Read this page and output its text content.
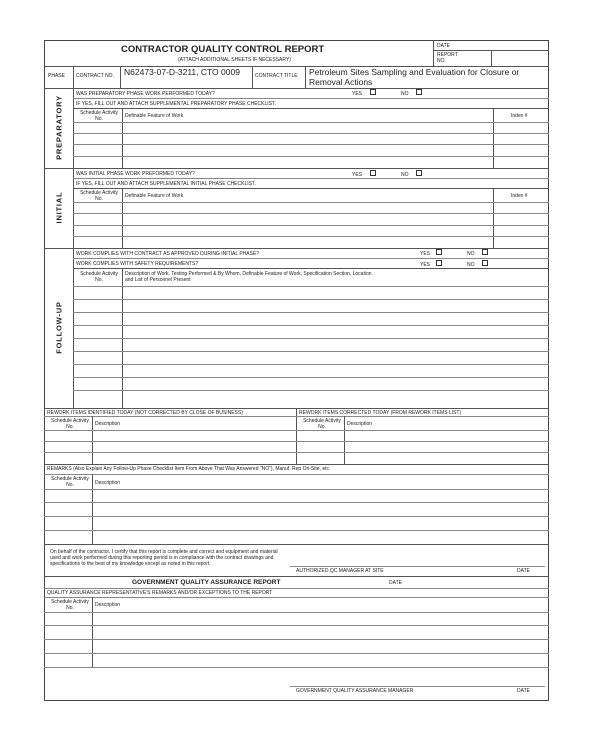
CONTRACTOR QUALITY CONTROL REPORT
(ATTACH ADDITIONAL SHEETS IF NECESSARY)
DATE
REPORT NO.
PHASE CONTRACT NO. N62473-07-D-3211, CTO 0009	CONTRACT TITLE Petroleum Sites Sampling and Evaluation for Closure or Removal Actions
PREPARATORY
WAS PREPARATORY PHASE WORK PERFORMED TODAY?	YES	NO
IF YES, FILL OUT AND ATTACH SUPPLEMENTAL PREPARATORY PHASE CHECKLIST.
Schedule Activity No.	Definable Feature of Work	Index #
INITIAL
WAS INITIAL PHASE WORK PREFORMED TODAY?	YES	NO
IF YES, FILL OUT AND ATTACH SUPPLEMENTAL INITIAL PHASE CHECKLIST.
Schedule Activity No.	Definable Feature of Work	Index #
FOLLOW-UP
WORK COMPLIES WITH CONTRACT AS APPROVED DURING INITIAL PHASE?	YES	NO
WORK COMPLIES WITH SAFETY REQUIREMENTS?	YES	NO
Schedule Activity No.
Description of Work, Testing Performed & By Whom, Definable Feature of Work, Specification Section, Location and List of Personnel Present
REWORK ITEMS IDENTIFIED TODAY (NOT CORRECTED BY CLOSE OF BUSINESS)	REWORK ITEMS CORRECTED TODAY (FROM REWORK ITEMS LIST)
Schedule Activity No.	Description	Schedule Activity No.	Description
REMARKS (Also Explain Any Follow-Up Phase Checklist Item From Above That Was Answered "NO"), Manuf. Rep On-Site, etc.
Schedule Activity No.	Description
On behalf of the contractor, I certify that this report is complete and correct and equipment and material used and work performed during this reporting period is in compliance with the contract drawings and specifications to the best of my knowledge except as noted in this report.
AUTHORIZED QC MANAGER AT SITE	DATE
GOVERNMENT QUALITY ASSURANCE REPORT	DATE
QUALITY ASSURANCE REPRESENTATIVE'S REMARKS AND/OR EXCEPTIONS TO THE REPORT
Schedule Activity No.	Description
GOVERNMENT QUALITY ASSURANCE MANAGER	DATE
